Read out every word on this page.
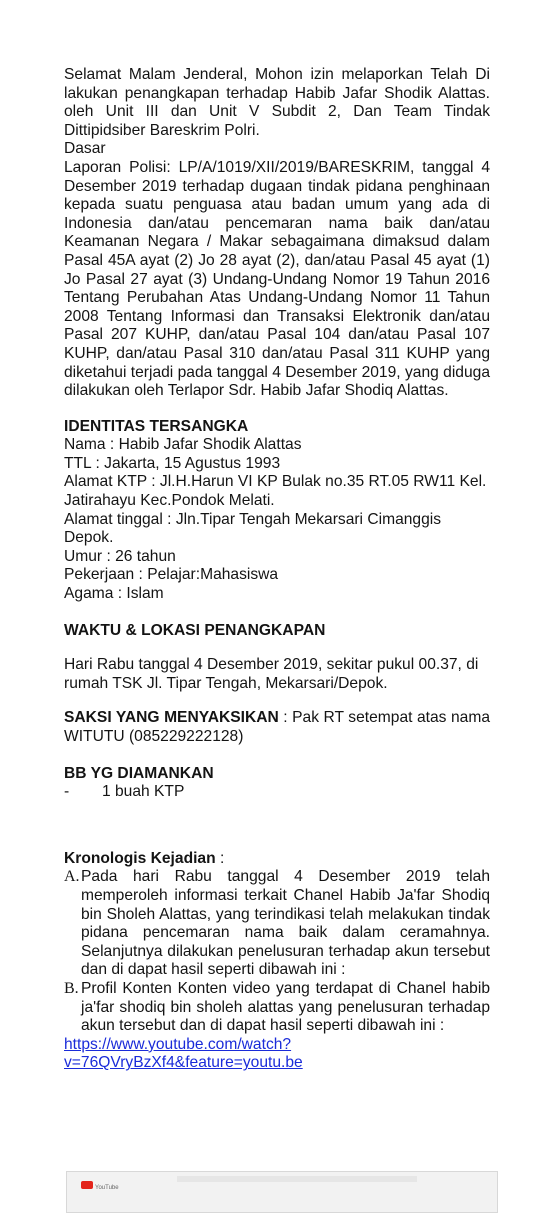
Selamat Malam Jenderal, Mohon izin melaporkan Telah Di lakukan penangkapan terhadap Habib Jafar Shodik Alattas. oleh Unit III dan Unit V Subdit 2, Dan Team Tindak Dittipidsiber Bareskrim Polri.

Dasar

Laporan Polisi: LP/A/1019/XII/2019/BARESKRIM, tanggal 4 Desember 2019 terhadap dugaan tindak pidana penghinaan kepada suatu penguasa atau badan umum yang ada di Indonesia dan/atau pencemaran nama baik dan/atau Keamanan Negara / Makar sebagaimana dimaksud dalam Pasal 45A ayat (2) Jo 28 ayat (2), dan/atau Pasal 45 ayat (1) Jo Pasal 27 ayat (3) Undang-Undang Nomor 19 Tahun 2016 Tentang Perubahan Atas Undang-Undang Nomor 11 Tahun 2008 Tentang Informasi dan Transaksi Elektronik dan/atau Pasal 207 KUHP, dan/atau Pasal 104 dan/atau Pasal 107 KUHP, dan/atau Pasal 310 dan/atau Pasal 311 KUHP yang diketahui terjadi pada tanggal 4 Desember 2019, yang diduga dilakukan oleh Terlapor Sdr. Habib Jafar Shodiq Alattas.

IDENTITAS TERSANGKA

Nama : Habib Jafar Shodik Alattas

TTL : Jakarta, 15 Agustus 1993

Alamat KTP : Jl.H.Harun VI KP Bulak no.35 RT.05 RW11 Kel. Jatirahayu Kec.Pondok Melati.

Alamat tinggal : Jln.Tipar Tengah Mekarsari Cimanggis Depok.

Umur : 26 tahun

Pekerjaan : Pelajar:Mahasiswa

Agama : Islam

WAKTU & LOKASI PENANGKAPAN

Hari Rabu tanggal 4 Desember 2019, sekitar pukul 00.37, di rumah TSK Jl. Tipar Tengah, Mekarsari/Depok.

SAKSI YANG MENYAKSIKAN : Pak RT setempat atas nama WITUTU (085229222128)

BB YG DIAMANKAN

-	1 buah KTP

Kronologis Kejadian :

A. Pada hari Rabu tanggal 4 Desember 2019 telah memperoleh informasi terkait Chanel Habib Ja'far Shodiq bin Sholeh Alattas, yang terindikasi telah melakukan tindak pidana pencemaran nama baik dalam ceramahnya. Selanjutnya dilakukan penelusuran terhadap akun tersebut dan di dapat hasil seperti dibawah ini :
B. Profil Konten Konten video yang terdapat di Chanel habib ja'far shodiq bin sholeh alattas yang penelusuran terhadap akun tersebut dan di dapat hasil seperti dibawah ini :
https://www.youtube.com/watch?
v=76QVryBzXf4&feature=youtu.be
YouTube
